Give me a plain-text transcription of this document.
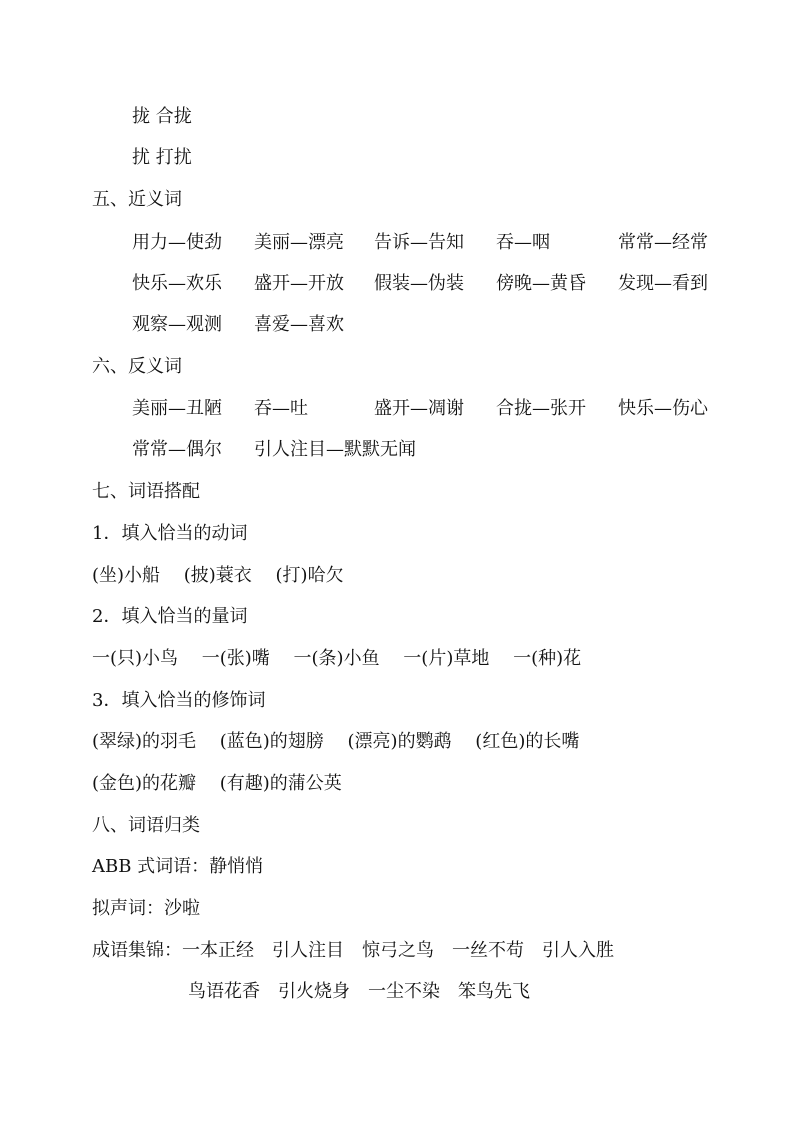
拢 合拢
扰 打扰
五、近义词
用力—使劲 美丽—漂亮 告诉—告知 吞—咽	常常—经常
快乐—欢乐 盛开—开放 假装—伪装 傍晚—黄昏 发现—看到
观察—观测 喜爱—喜欢
六、反义词
美丽—丑陋 吞—吐	盛开—凋谢 合拢—张开 快乐—伤心
常常—偶尔 引人注目—默默无闻
七、词语搭配
1．填入恰当的动词
(坐)小船　 (披)蓑衣　 (打)哈欠
2．填入恰当的量词
一(只)小鸟　 一(张)嘴　 一(条)小鱼　 一(片)草地　 一(种)花
3．填入恰当的修饰词
(翠绿)的羽毛　 (蓝色)的翅膀　 (漂亮)的鹦鹉　 (红色)的长嘴
(金色)的花瓣　 (有趣)的蒲公英
八、词语归类
ABB 式词语：静悄悄
拟声词：沙啦
成语集锦：一本正经　引人注目　惊弓之鸟　一丝不苟　引人入胜
鸟语花香　引火烧身　一尘不染　笨鸟先飞
